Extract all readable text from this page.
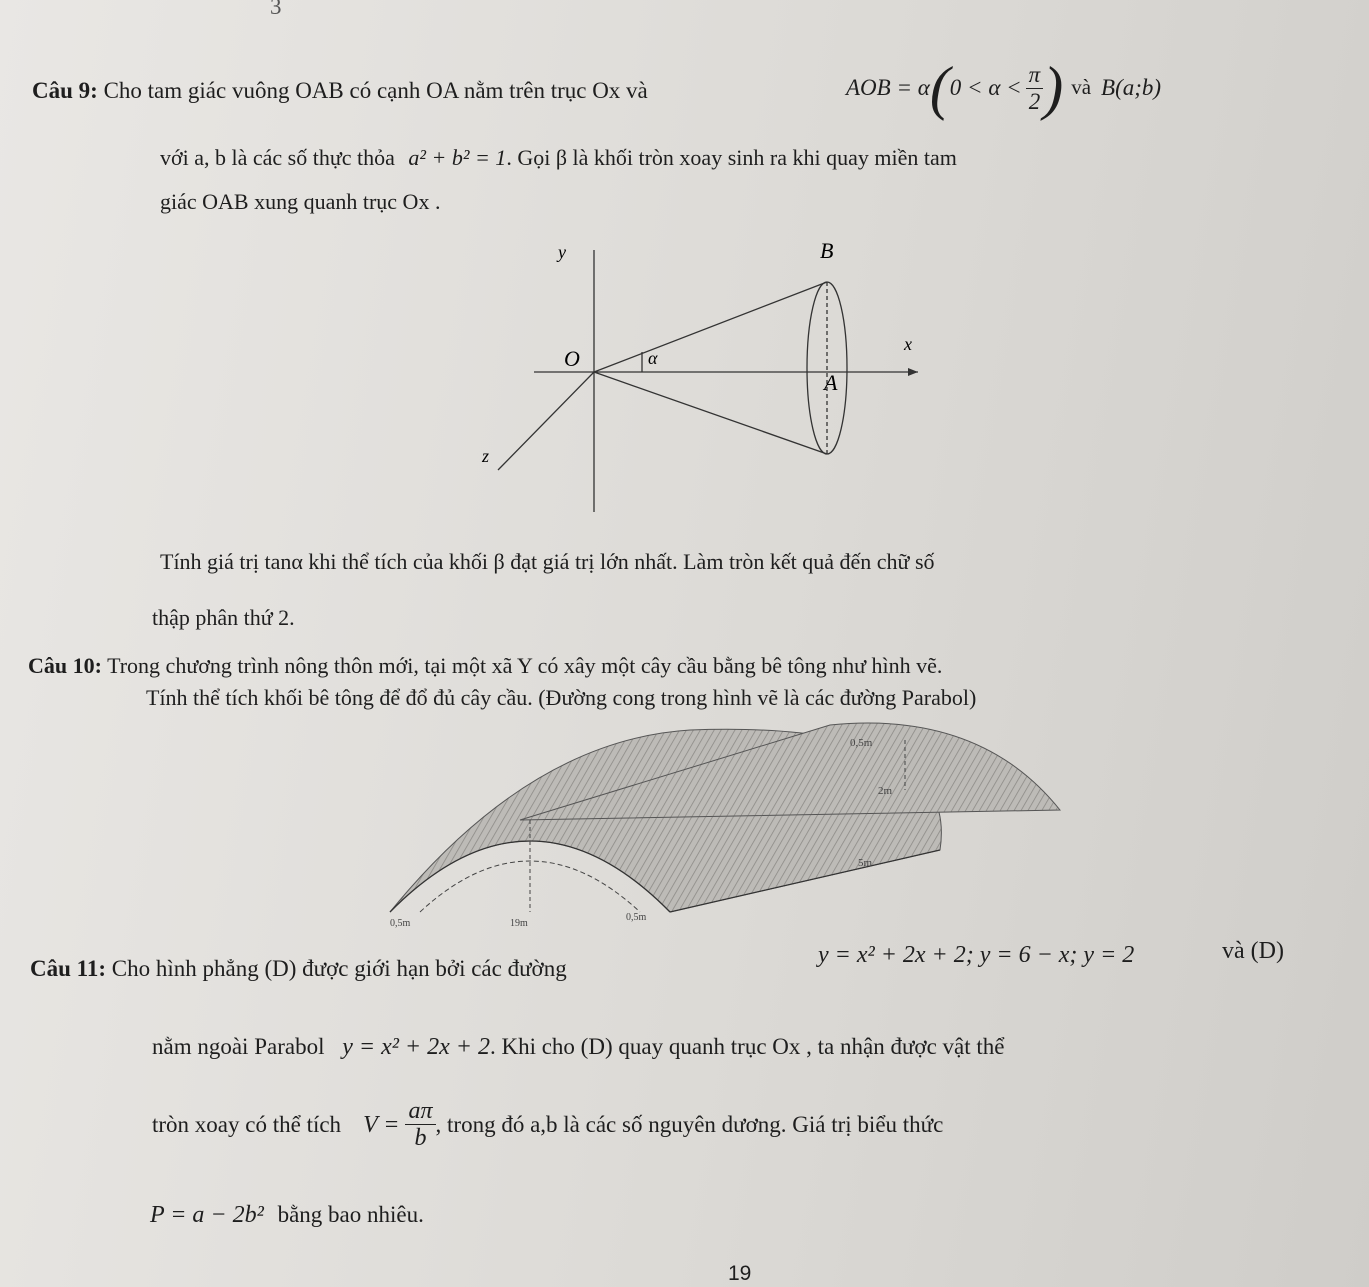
3
Câu 9: Cho tam giác vuông OAB có cạnh OA nằm trên trục Ox và	AOB = α ( $0 < \alpha < \frac{\pi}{2}$ ) và B(a;b)
với a, b là các số thực thỏa a² + b² = 1. Gọi β là khối tròn xoay sinh ra khi quay miền tam
giác OAB xung quanh trục Ox .
y	B
O	α
x
A
z
Tính giá trị tanα khi thể tích của khối β đạt giá trị lớn nhất. Làm tròn kết quả đến chữ số
thập phân thứ 2.
Câu 10: Trong chương trình nông thôn mới, tại một xã Y có xây một cây cầu bằng bê tông như hình vẽ.
Tính thể tích khối bê tông để đổ đủ cây cầu. (Đường cong trong hình vẽ là các đường Parabol)
0,5m
2m
5m
0,5m	19m
0,5m
Câu 11: Cho hình phẳng (D) được giới hạn bởi các đường
y = x² + 2x + 2; y = 6 − x; y = 2	và (D)
nằm ngoài Parabol y = x² + 2x + 2. Khi cho (D) quay quanh trục Ox , ta nhận được vật thể
tròn xoay có thể tích $V = \frac{a\pi}{b}$ , trong đó a,b là các số nguyên dương. Giá trị biểu thức
P = a − 2b² bằng bao nhiêu.
19
